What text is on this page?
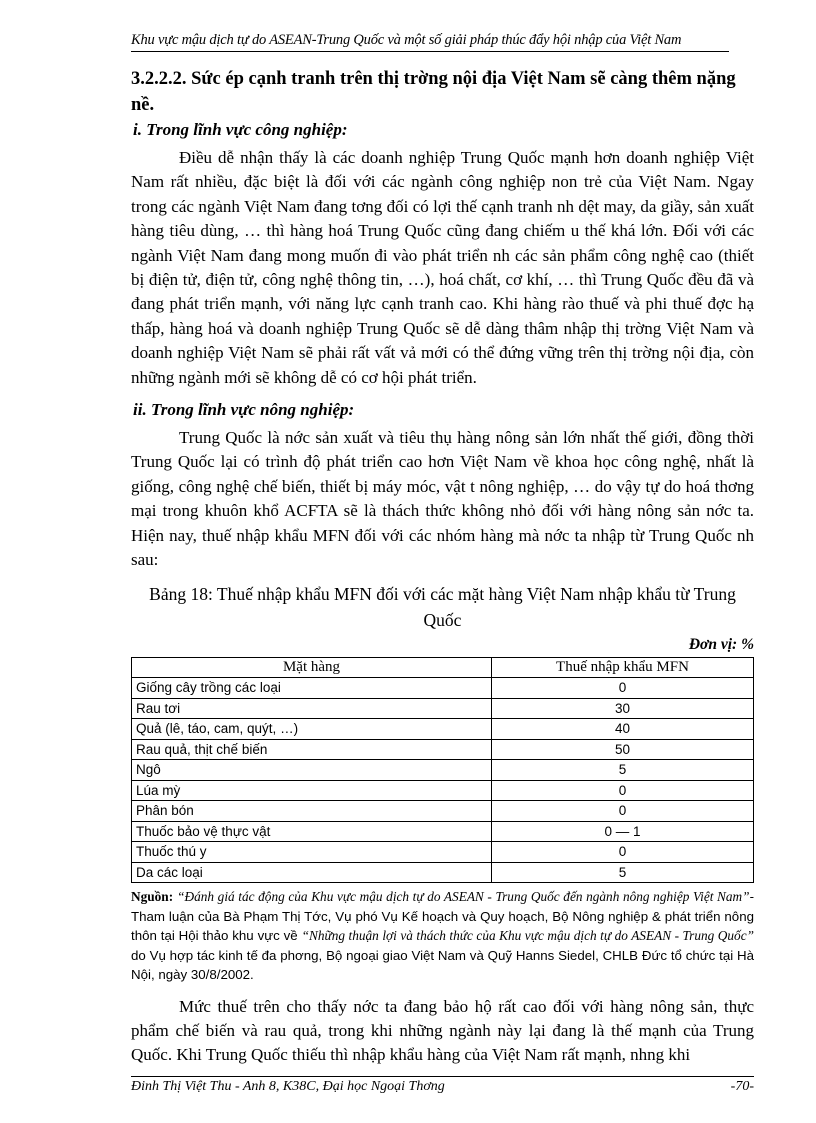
Khu vực mậu dịch tự do ASEAN-Trung Quốc và một số giải pháp thúc đẩy hội nhập của Việt Nam

3.2.2.2. Sức ép cạnh tranh trên thị trờng nội địa Việt Nam sẽ càng thêm nặng nề.

i. Trong lĩnh vực công nghiệp:

Điều dễ nhận thấy là các doanh nghiệp Trung Quốc mạnh hơn doanh nghiệp Việt Nam rất nhiều, đặc biệt là đối với các ngành công nghiệp non trẻ của Việt Nam. Ngay trong các ngành Việt Nam đang tơng đối có lợi thế cạnh tranh nh dệt may, da giầy, sản xuất hàng tiêu dùng, … thì hàng hoá Trung Quốc cũng đang chiếm u thế khá lớn. Đối với các ngành Việt Nam đang mong muốn đi vào phát triển nh các sản phẩm công nghệ cao (thiết bị điện tử, điện tử, công nghệ thông tin, …), hoá chất, cơ khí, … thì Trung Quốc đều đã và đang phát triển mạnh, với năng lực cạnh tranh cao. Khi hàng rào thuế và phi thuế đợc hạ thấp, hàng hoá và doanh nghiệp Trung Quốc sẽ dễ dàng thâm nhập thị trờng Việt Nam và doanh nghiệp Việt Nam sẽ phải rất vất vả mới có thể đứng vững trên thị trờng nội địa, còn những ngành mới sẽ không dễ có cơ hội phát triển.

ii. Trong lĩnh vực nông nghiệp:

Trung Quốc là nớc sản xuất và tiêu thụ hàng nông sản lớn nhất thế giới, đồng thời Trung Quốc lại có trình độ phát triển cao hơn Việt Nam về khoa học công nghệ, nhất là giống, công nghệ chế biến, thiết bị máy móc, vật t nông nghiệp, … do vậy tự do hoá thơng mại trong khuôn khổ ACFTA sẽ là thách thức không nhỏ đối với hàng nông sản nớc ta. Hiện nay, thuế nhập khẩu MFN đối với các nhóm hàng mà nớc ta nhập từ Trung Quốc nh sau:

Bảng 18: Thuế nhập khẩu MFN đối với các mặt hàng Việt Nam nhập khẩu từ Trung Quốc

Đơn vị: %

Mặt hàng	Thuế nhập khẩu MFN
Giống cây trồng các loại	0
Rau tơi	30
Quả (lê, táo, cam, quýt, …)	40
Rau quả, thịt chế biến	50
Ngô	5
Lúa mỳ	0
Phân bón	0
Thuốc bảo vệ thực vật	0 — 1
Thuốc thú y	0
Da các loại	5

Nguồn: “Đánh giá tác động của Khu vực mậu dịch tự do ASEAN - Trung Quốc đến ngành nông nghiệp Việt Nam”- Tham luận của Bà Phạm Thị Tớc, Vụ phó Vụ Kế hoạch và Quy hoạch, Bộ Nông nghiệp & phát triển nông thôn tại Hội thảo khu vực về “Những thuận lợi và thách thức của Khu vực mậu dịch tự do ASEAN - Trung Quốc” do Vụ hợp tác kinh tế đa phơng, Bộ ngoại giao Việt Nam và Quỹ Hanns Siedel, CHLB Đức tổ chức tại Hà Nội, ngày 30/8/2002.

Mức thuế trên cho thấy nớc ta đang bảo hộ rất cao đối với hàng nông sản, thực phẩm chế biến và rau quả, trong khi những ngành này lại đang là thế mạnh của Trung Quốc. Khi Trung Quốc thiếu thì nhập khẩu hàng của Việt Nam rất mạnh, nhng khi

Đinh Thị Việt Thu - Anh 8, K38C, Đại học Ngoại Thơng	-70-
